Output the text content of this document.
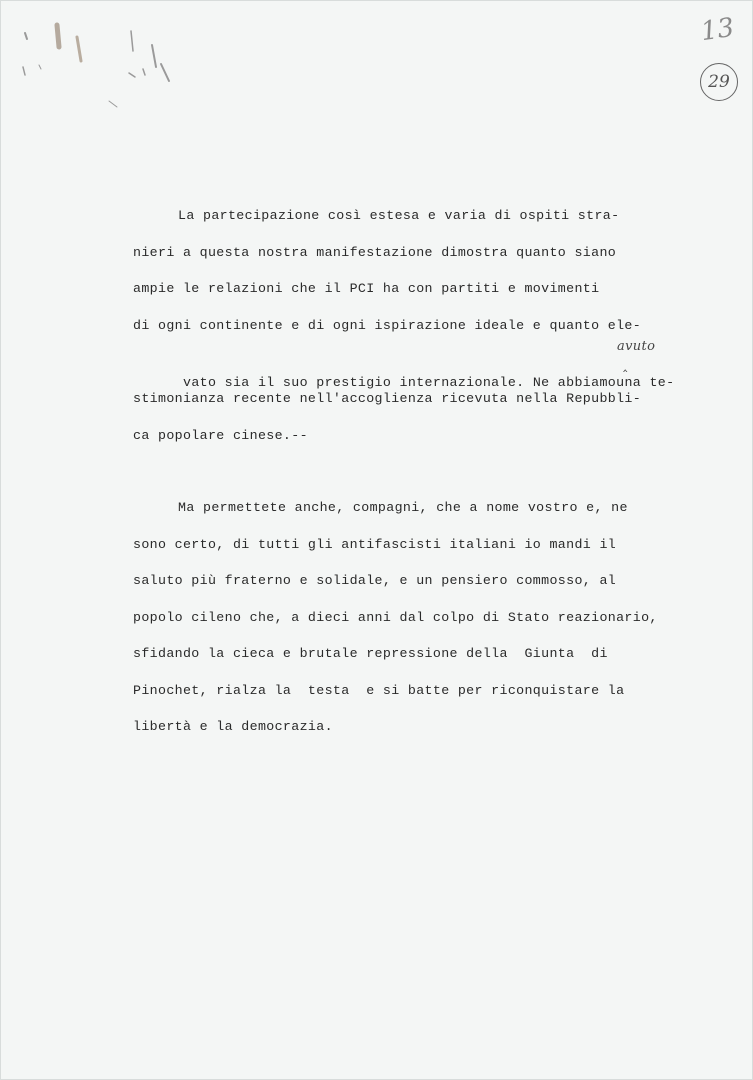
13
29
La partecipazione così estesa e varia di ospiti stra-
nieri a questa nostra manifestazione dimostra quanto siano
ampie le relazioni che il PCI ha con partiti e movimenti
di ogni continente e di ogni ispirazione ideale e quanto ele-

vato sia il suo prestigio internazionale. Ne abbiamouna te-

avuto

‸

stimonianza recente nell'accoglienza ricevuta nella Repubbli-
ca popolare cinese.--
Ma permettete anche, compagni, che a nome vostro e, ne
sono certo, di tutti gli antifascisti italiani io mandi il
saluto più fraterno e solidale, e un pensiero commosso, al
popolo cileno che, a dieci anni dal colpo di Stato reazionario,
sfidando la cieca e brutale repressione della  Giunta  di
Pinochet, rialza la  testa  e si batte per riconquistare la
libertà e la democrazia.
